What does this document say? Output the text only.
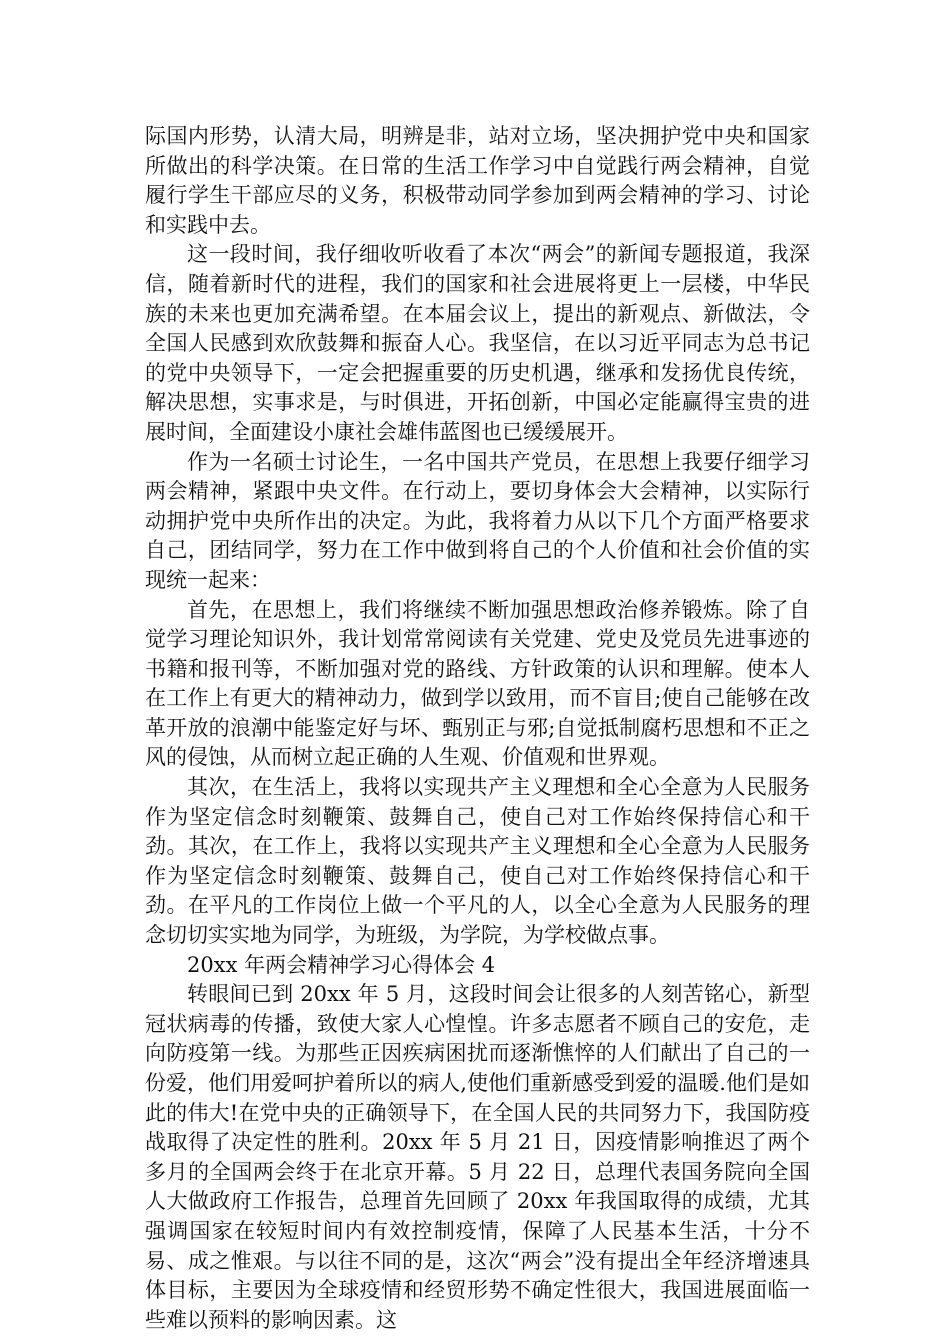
际国内形势，认清大局，明辨是非，站对立场，坚决拥护党中央和国家所做出的科学决策。在日常的生活工作学习中自觉践行两会精神，自觉履行学生干部应尽的义务，积极带动同学参加到两会精神的学习、讨论和实践中去。

这一段时间，我仔细收听收看了本次“两会”的新闻专题报道，我深信，随着新时代的进程，我们的国家和社会进展将更上一层楼，中华民族的未来也更加充满希望。在本届会议上，提出的新观点、新做法，令全国人民感到欢欣鼓舞和振奋人心。我坚信，在以习近平同志为总书记的党中央领导下，一定会把握重要的历史机遇，继承和发扬优良传统，解决思想，实事求是，与时俱进，开拓创新，中国必定能赢得宝贵的进展时间，全面建设小康社会雄伟蓝图也已缓缓展开。

作为一名硕士讨论生，一名中国共产党员，在思想上我要仔细学习两会精神，紧跟中央文件。在行动上，要切身体会大会精神，以实际行动拥护党中央所作出的决定。为此，我将着力从以下几个方面严格要求自己，团结同学，努力在工作中做到将自己的个人价值和社会价值的实现统一起来：

首先，在思想上，我们将继续不断加强思想政治修养锻炼。除了自觉学习理论知识外，我计划常常阅读有关党建、党史及党员先进事迹的书籍和报刊等，不断加强对党的路线、方针政策的认识和理解。使本人在工作上有更大的精神动力，做到学以致用，而不盲目;使自己能够在改革开放的浪潮中能鉴定好与坏、甄别正与邪;自觉抵制腐朽思想和不正之风的侵蚀，从而树立起正确的人生观、价值观和世界观。

其次，在生活上，我将以实现共产主义理想和全心全意为人民服务作为坚定信念时刻鞭策、鼓舞自己，使自己对工作始终保持信心和干劲。其次，在工作上，我将以实现共产主义理想和全心全意为人民服务作为坚定信念时刻鞭策、鼓舞自己，使自己对工作始终保持信心和干劲。在平凡的工作岗位上做一个平凡的人，以全心全意为人民服务的理念切切实实地为同学，为班级，为学院，为学校做点事。

20xx 年两会精神学习心得体会 4

转眼间已到 20xx 年 5 月，这段时间会让很多的人刻苦铭心，新型冠状病毒的传播，致使大家人心惶惶。许多志愿者不顾自己的安危，走向防疫第一线。为那些正因疾病困扰而逐渐憔悴的人们献出了自己的一份爱，他们用爱呵护着所以的病人,使他们重新感受到爱的温暖.他们是如此的伟大!在党中央的正确领导下，在全国人民的共同努力下，我国防疫战取得了决定性的胜利。20xx 年 5 月 21 日，因疫情影响推迟了两个多月的全国两会终于在北京开幕。5 月 22 日，总理代表国务院向全国人大做政府工作报告，总理首先回顾了 20xx 年我国取得的成绩，尤其强调国家在较短时间内有效控制疫情，保障了人民基本生活，十分不易、成之惟艰。与以往不同的是，这次“两会”没有提出全年经济增速具体目标，主要因为全球疫情和经贸形势不确定性很大，我国进展面临一些难以预料的影响因素。这
